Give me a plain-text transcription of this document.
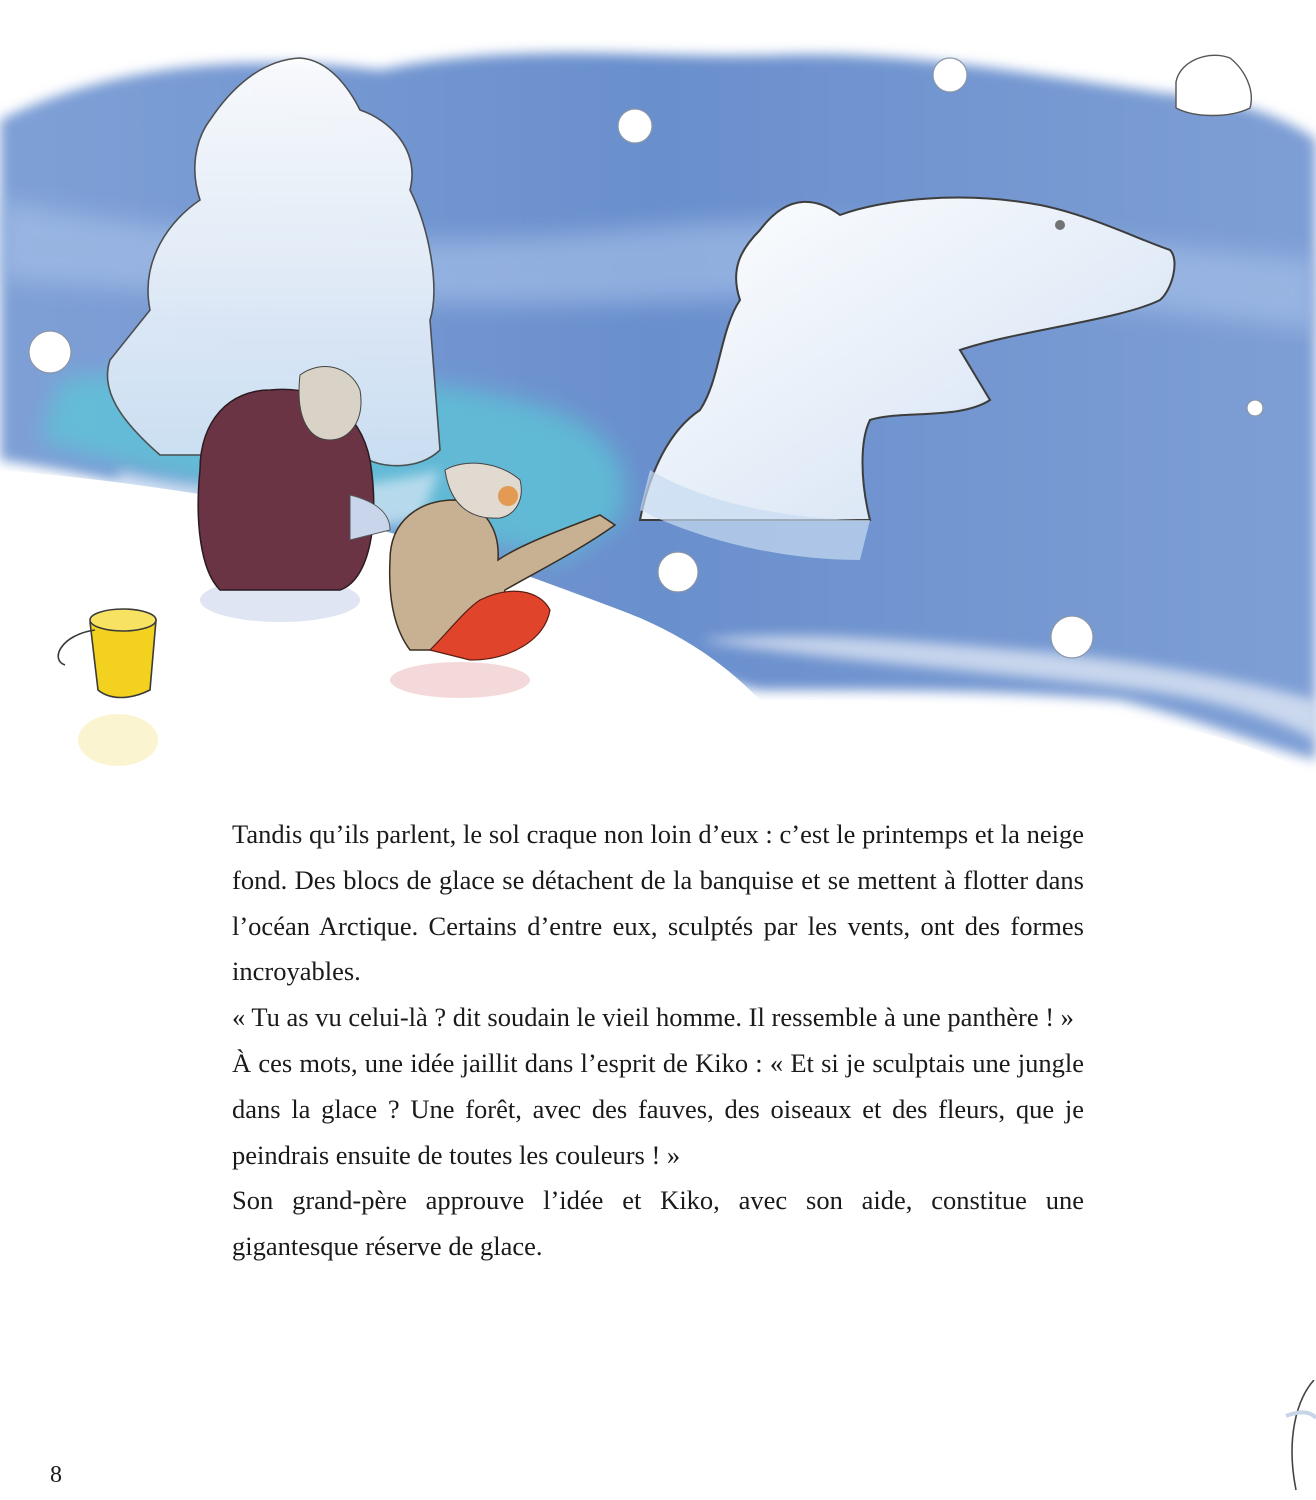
Tandis qu’ils parlent, le sol craque non loin d’eux : c’est le printemps et la neige fond. Des blocs de glace se détachent de la banquise et se mettent à flotter dans l’océan Arctique. Certains d’entre eux, sculptés par les vents, ont des formes incroyables.

« Tu as vu celui-là ? dit soudain le vieil homme. Il ressemble à une panthère ! »

À ces mots, une idée jaillit dans l’esprit de Kiko : « Et si je sculptais une jungle dans la glace ? Une forêt, avec des fauves, des oiseaux et des fleurs, que je peindrais ensuite de toutes les couleurs ! »

Son grand-père approuve l’idée et Kiko, avec son aide, constitue une gigantesque réserve de glace.

8
